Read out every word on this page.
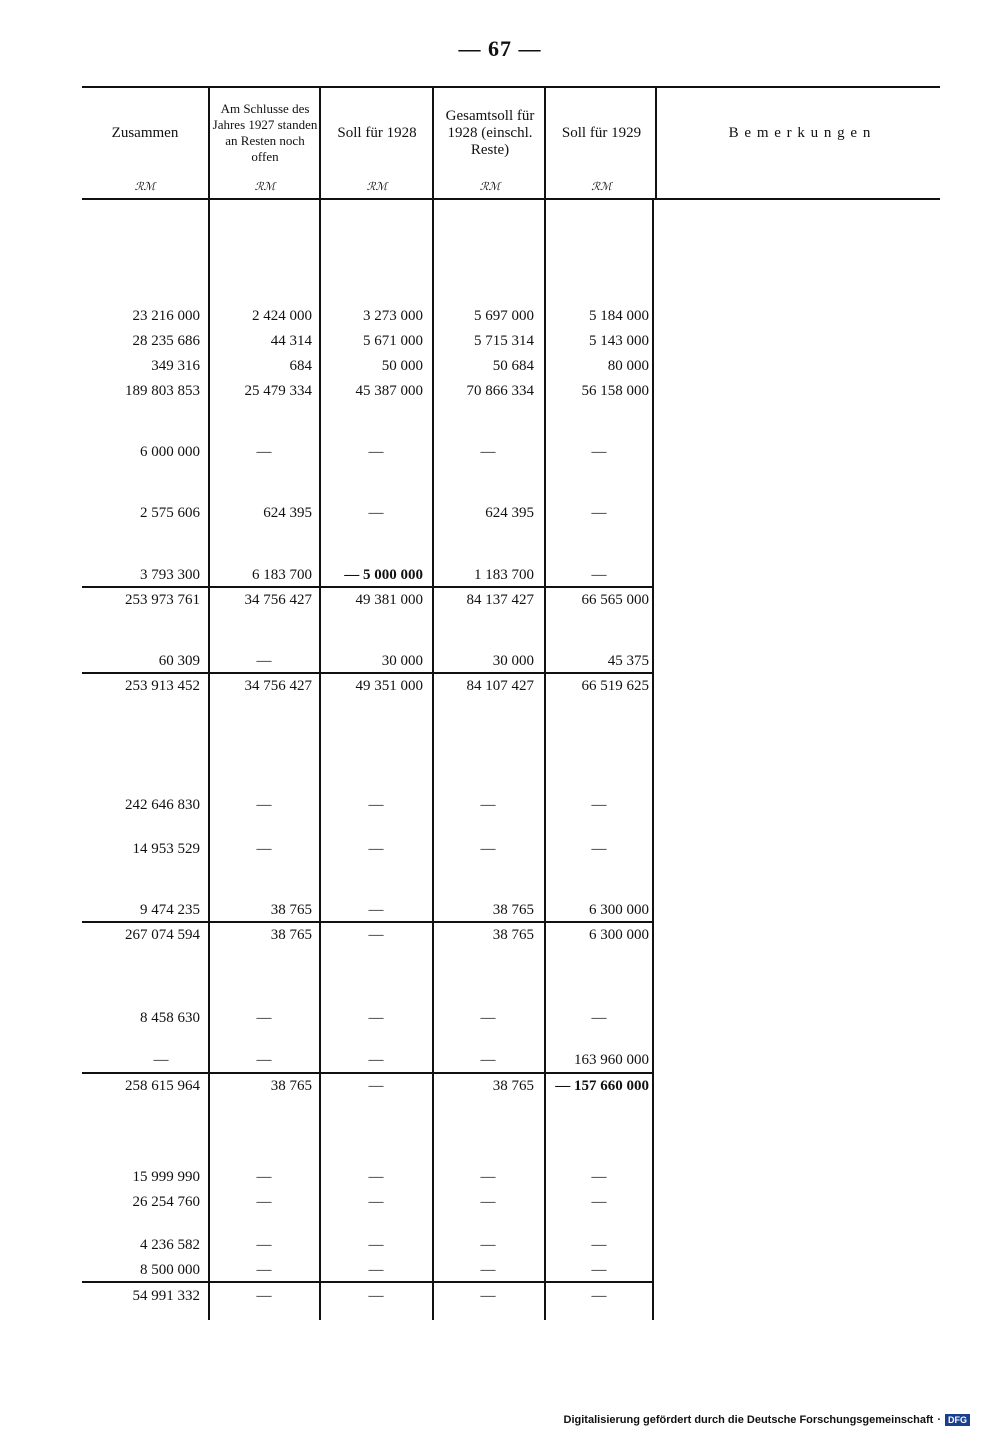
— 67 —
Zusammen
Am Schlusse des Jahres 1927 standen an Resten noch offen
Soll für 1928
Gesamtsoll für 1928 (einschl. Reste)
Soll für 1929	B e m e r k u n g e n
ℛℳ	ℛℳ	ℛℳ	ℛℳ	ℛℳ
23 216 000	2 424 000	3 273 000	5 697 000	5 184 000
28 235 686	44 314	5 671 000	5 715 314	5 143 000
349 316	684	50 000	50 684	80 000
189 803 853	25 479 334	45 387 000	70 866 334	56 158 000
6 000 000	—	—	—	—
2 575 606	624 395	—	624 395	—
3 793 300	6 183 700	— 5 000 000	1 183 700	—
253 973 761	34 756 427	49 381 000	84 137 427	66 565 000
60 309	—	30 000	30 000	45 375
253 913 452	34 756 427	49 351 000	84 107 427	66 519 625
242 646 830	—	—	—	—
14 953 529	—	—	—	—
9 474 235	38 765	—	38 765	6 300 000
267 074 594	38 765	—	38 765	6 300 000
8 458 630	—	—	—	—
—	—	—	—	163 960 000
258 615 964	38 765	—	38 765	— 157 660 000
15 999 990	—	—	—	—
26 254 760	—	—	—	—
4 236 582	—	—	—	—
8 500 000	—	—	—	—
54 991 332	—	—	—	—
Digitalisierung gefördert durch die Deutsche Forschungsgemeinschaft · DFG
